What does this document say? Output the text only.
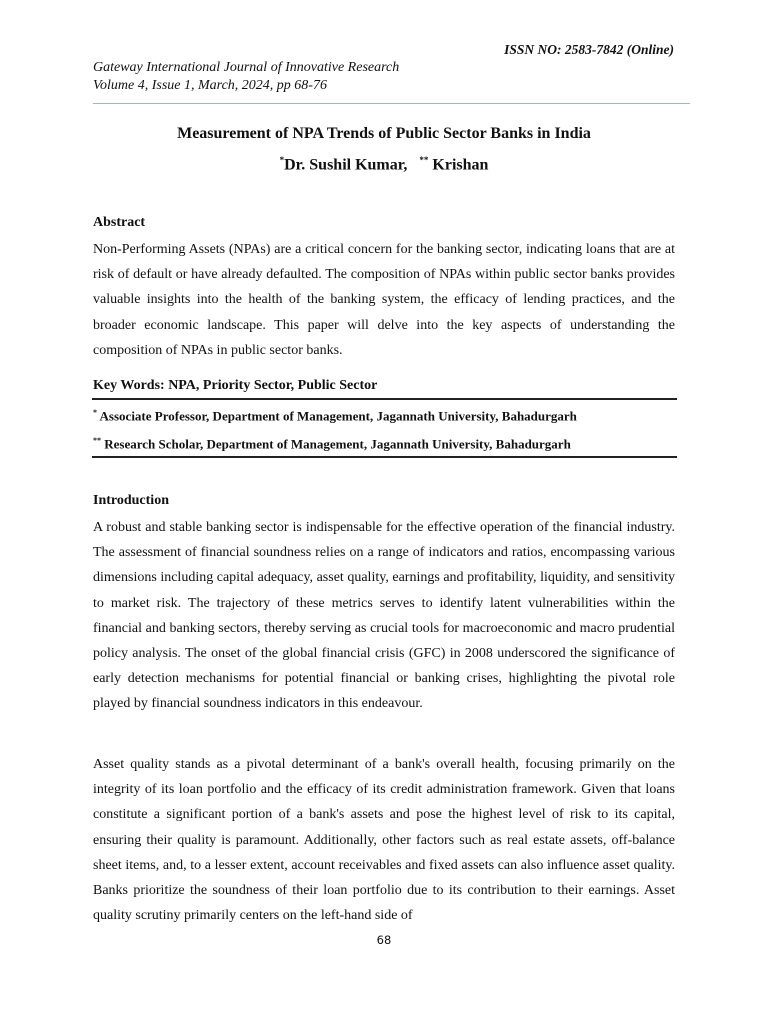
ISSN NO: 2583-7842 (Online)
Gateway International Journal of Innovative Research
Volume 4, Issue 1, March, 2024, pp 68-76
Measurement of NPA Trends of Public Sector Banks in India
*Dr. Sushil Kumar, ** Krishan
Abstract

Non-Performing Assets (NPAs) are a critical concern for the banking sector, indicating loans that are at risk of default or have already defaulted. The composition of NPAs within public sector banks provides valuable insights into the health of the banking system, the efficacy of lending practices, and the broader economic landscape. This paper will delve into the key aspects of understanding the composition of NPAs in public sector banks.

Key Words: NPA, Priority Sector, Public Sector
* Associate Professor, Department of Management, Jagannath University, Bahadurgarh
** Research Scholar, Department of Management, Jagannath University, Bahadurgarh
Introduction

A robust and stable banking sector is indispensable for the effective operation of the financial industry. The assessment of financial soundness relies on a range of indicators and ratios, encompassing various dimensions including capital adequacy, asset quality, earnings and profitability, liquidity, and sensitivity to market risk. The trajectory of these metrics serves to identify latent vulnerabilities within the financial and banking sectors, thereby serving as crucial tools for macroeconomic and macro prudential policy analysis. The onset of the global financial crisis (GFC) in 2008 underscored the significance of early detection mechanisms for potential financial or banking crises, highlighting the pivotal role played by financial soundness indicators in this endeavour.

Asset quality stands as a pivotal determinant of a bank's overall health, focusing primarily on the integrity of its loan portfolio and the efficacy of its credit administration framework. Given that loans constitute a significant portion of a bank's assets and pose the highest level of risk to its capital, ensuring their quality is paramount. Additionally, other factors such as real estate assets, off-balance sheet items, and, to a lesser extent, account receivables and fixed assets can also influence asset quality. Banks prioritize the soundness of their loan portfolio due to its contribution to their earnings. Asset quality scrutiny primarily centers on the left-hand side of

68
